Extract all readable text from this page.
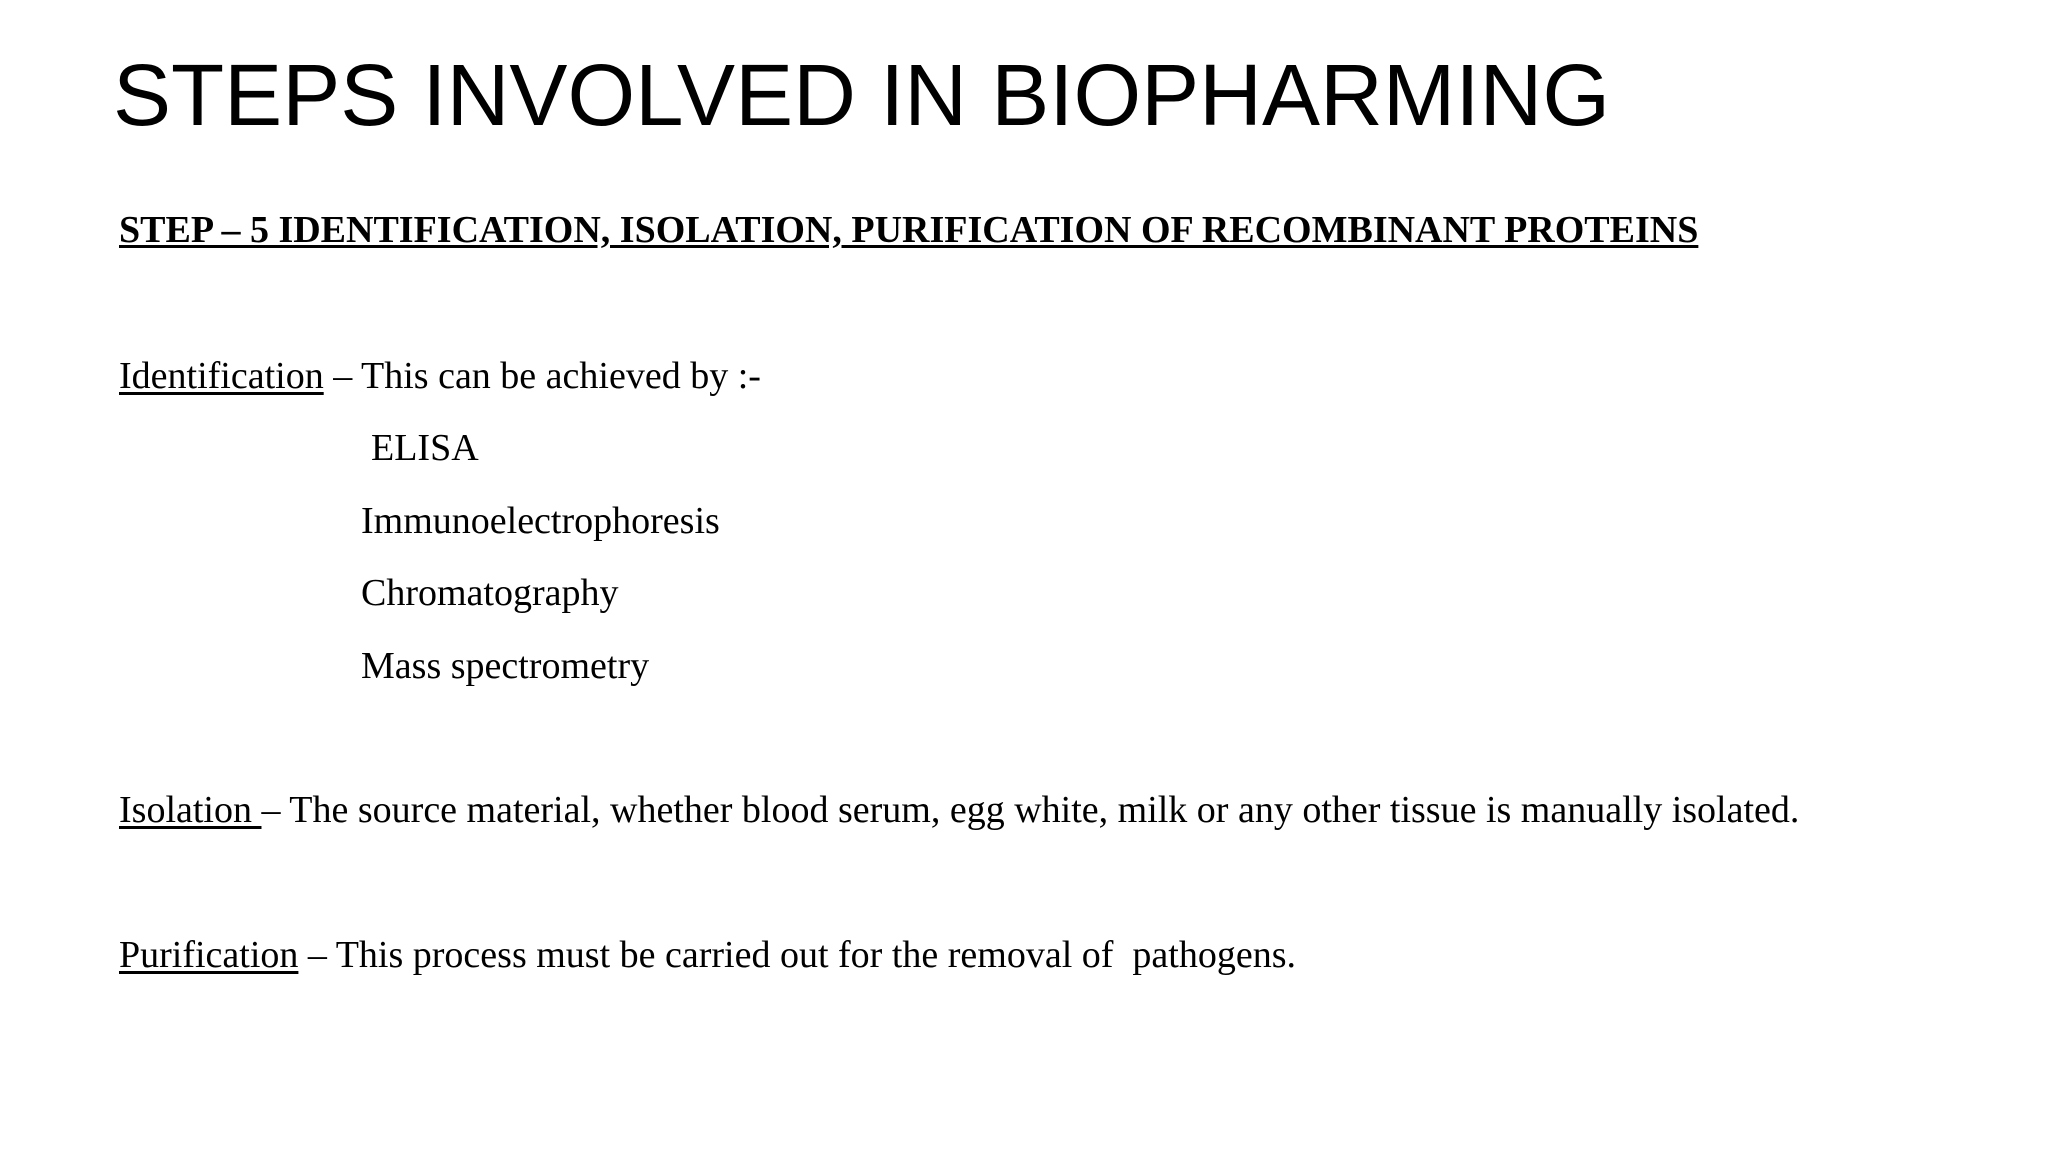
STEPS INVOLVED IN BIOPHARMING
STEP – 5 IDENTIFICATION, ISOLATION, PURIFICATION OF RECOMBINANT PROTEINS
Identification – This can be achieved by :-
ELISA
Immunoelectrophoresis
Chromatography
Mass spectrometry
Isolation – The source material, whether blood serum, egg white, milk or any other tissue is manually isolated.
Purification – This process must be carried out for the removal of  pathogens.
